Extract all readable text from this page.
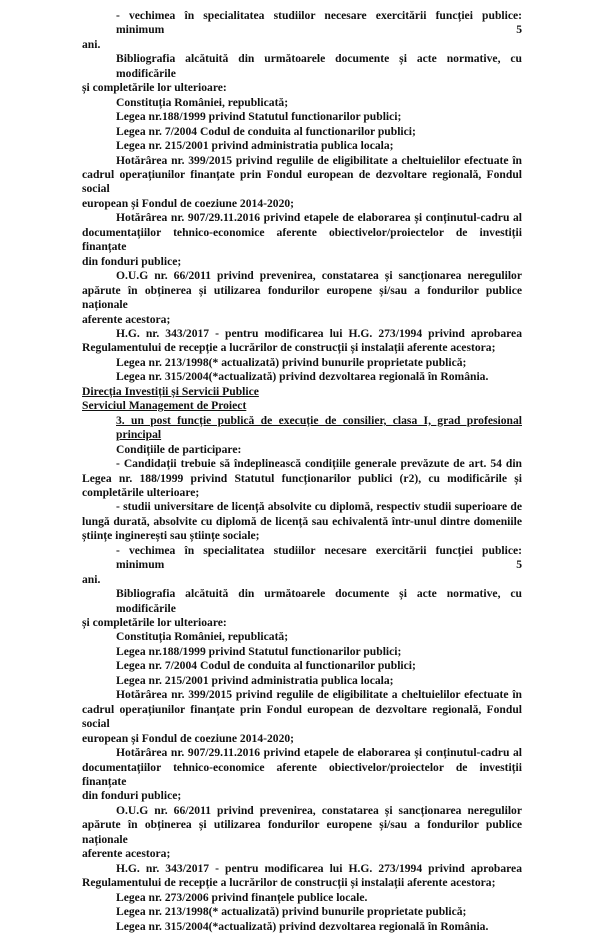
- vechimea în specialitatea studiilor necesare exercitării funcției publice: minimum 5
ani.
Bibliografia alcătuită din următoarele documente și acte normative, cu modificările
și completările lor ulterioare:
Constituția României, republicată;
Legea nr.188/1999 privind Statutul functionarilor publici;
Legea nr. 7/2004 Codul de conduita al functionarilor publici;
Legea nr. 215/2001 privind administratia publica locala;
Hotărârea nr. 399/2015 privind regulile de eligibilitate a cheltuielilor efectuate în
cadrul operațiunilor finanțate prin Fondul european de dezvoltare regională, Fondul social
european și Fondul de coeziune 2014-2020;
Hotărârea nr. 907/29.11.2016 privind etapele de elaborarea și conținutul-cadru al
documentațiilor tehnico-economice aferente obiectivelor/proiectelor de investiții finanțate
din fonduri publice;
O.U.G nr. 66/2011 privind prevenirea, constatarea și sancționarea neregulilor
apărute în obținerea și utilizarea fondurilor europene și/sau a fondurilor publice naționale
aferente acestora;
H.G. nr. 343/2017 - pentru modificarea lui H.G. 273/1994 privind aprobarea
Regulamentului de recepție a lucrărilor de construcții și instalații aferente acestora;
Legea nr. 213/1998(* actualizată) privind bunurile proprietate publică;
Legea nr. 315/2004(*actualizată) privind dezvoltarea regională în România.
Direcția Investiții și Servicii Publice
Serviciul Management de Proiect
3. un post funcție publică de execuție de consilier, clasa I, grad profesional
principal
Condițiile de participare:
- Candidații trebuie să îndeplinească condițiile generale prevăzute de art. 54 din
Legea nr. 188/1999 privind Statutul funcționarilor publici (r2), cu modificările și
completările ulterioare;
- studii universitare de licență absolvite cu diplomă, respectiv studii superioare de
lungă durată, absolvite cu diplomă de licență sau echivalentă într-unul dintre domeniile
științe inginerești sau științe sociale;
- vechimea în specialitatea studiilor necesare exercitării funcției publice: minimum 5
ani.
Bibliografia alcătuită din următoarele documente și acte normative, cu modificările
și completările lor ulterioare:
Constituția României, republicată;
Legea nr.188/1999 privind Statutul functionarilor publici;
Legea nr. 7/2004 Codul de conduita al functionarilor publici;
Legea nr. 215/2001 privind administratia publica locala;
Hotărârea nr. 399/2015 privind regulile de eligibilitate a cheltuielilor efectuate în
cadrul operațiunilor finanțate prin Fondul european de dezvoltare regională, Fondul social
european și Fondul de coeziune 2014-2020;
Hotărârea nr. 907/29.11.2016 privind etapele de elaborarea și conținutul-cadru al
documentațiilor tehnico-economice aferente obiectivelor/proiectelor de investiții finanțate
din fonduri publice;
O.U.G nr. 66/2011 privind prevenirea, constatarea și sancționarea neregulilor
apărute în obținerea și utilizarea fondurilor europene și/sau a fondurilor publice naționale
aferente acestora;
H.G. nr. 343/2017 - pentru modificarea lui H.G. 273/1994 privind aprobarea
Regulamentului de recepție a lucrărilor de construcții și instalații aferente acestora;
Legea nr. 273/2006 privind finanțele publice locale.
Legea nr. 213/1998(* actualizată) privind bunurile proprietate publică;
Legea nr. 315/2004(*actualizată) privind dezvoltarea regională în România.
